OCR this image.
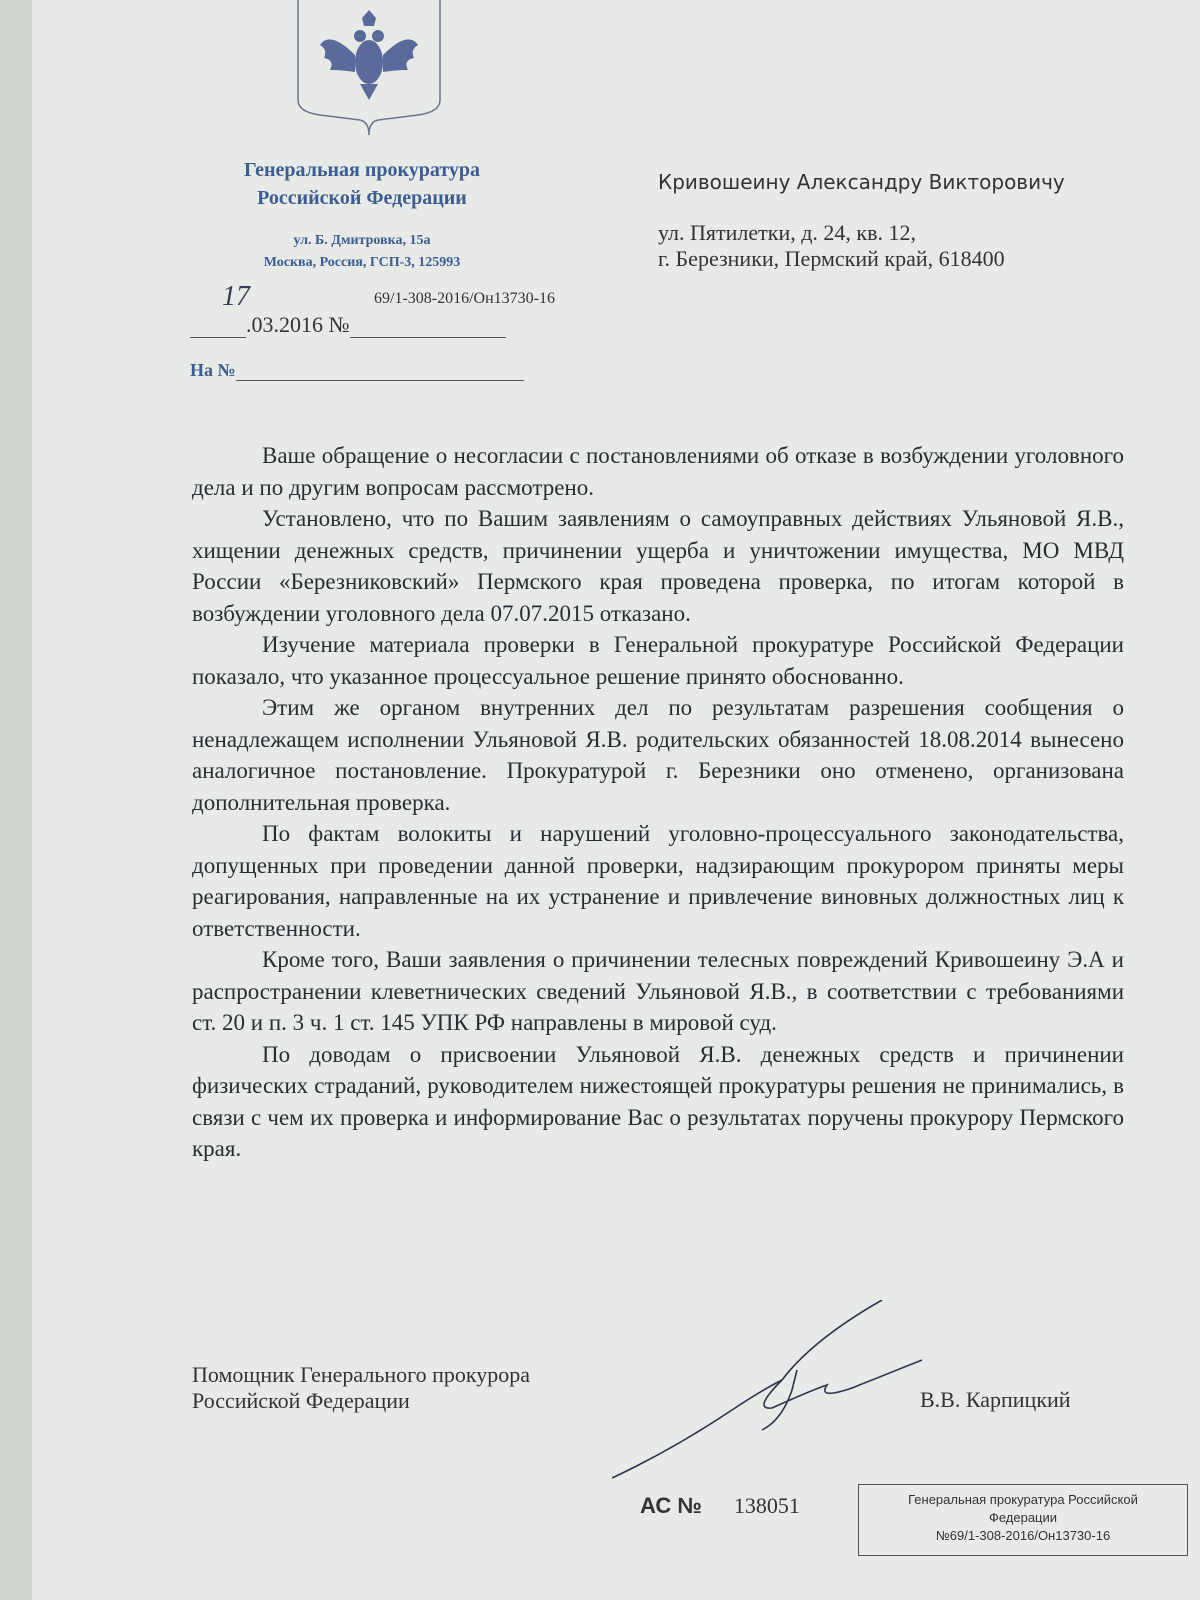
Генеральная прокуратура
Российской Федерации
ул. Б. Дмитровка, 15а
Москва, Россия, ГСП-3, 125993
69/1-308-2016/Он13730-16
17
.03.2016 №
На №
Кривошеину Александру Викторовичу
ул. Пятилетки, д. 24, кв. 12,
г. Березники, Пермский край, 618400

Ваше обращение о несогласии с постановлениями об отказе в возбуждении уголовного дела и по другим вопросам рассмотрено.

Установлено, что по Вашим заявлениям о самоуправных действиях Ульяновой Я.В., хищении денежных средств, причинении ущерба и уничтожении имущества, МО МВД России «Березниковский» Пермского края проведена проверка, по итогам которой в возбуждении уголовного дела 07.07.2015 отказано.

Изучение материала проверки в Генеральной прокуратуре Российской Федерации показало, что указанное процессуальное решение принято обоснованно.

Этим же органом внутренних дел по результатам разрешения сообщения о ненадлежащем исполнении Ульяновой Я.В. родительских обязанностей 18.08.2014 вынесено аналогичное постановление. Прокуратурой г. Березники оно отменено, организована дополнительная проверка.

По фактам волокиты и нарушений уголовно-процессуального законодательства, допущенных при проведении данной проверки, надзирающим прокурором приняты меры реагирования, направленные на их устранение и привлечение виновных должностных лиц к ответственности.

Кроме того, Ваши заявления о причинении телесных повреждений Кривошеину Э.А и распространении клеветнических сведений Ульяновой Я.В., в соответствии с требованиями ст. 20 и п. 3 ч. 1 ст. 145 УПК РФ направлены в мировой суд.

По доводам о присвоении Ульяновой Я.В. денежных средств и причинении физических страданий, руководителем нижестоящей прокуратуры решения не принимались, в связи с чем их проверка и информирование Вас о результатах поручены прокурору Пермского края.

Помощник Генерального прокурора
Российской Федерации	В.В. Карпицкий
АС № 138051	Генеральная прокуратура Российской
Федерации
№69/1-308-2016/Он13730-16
